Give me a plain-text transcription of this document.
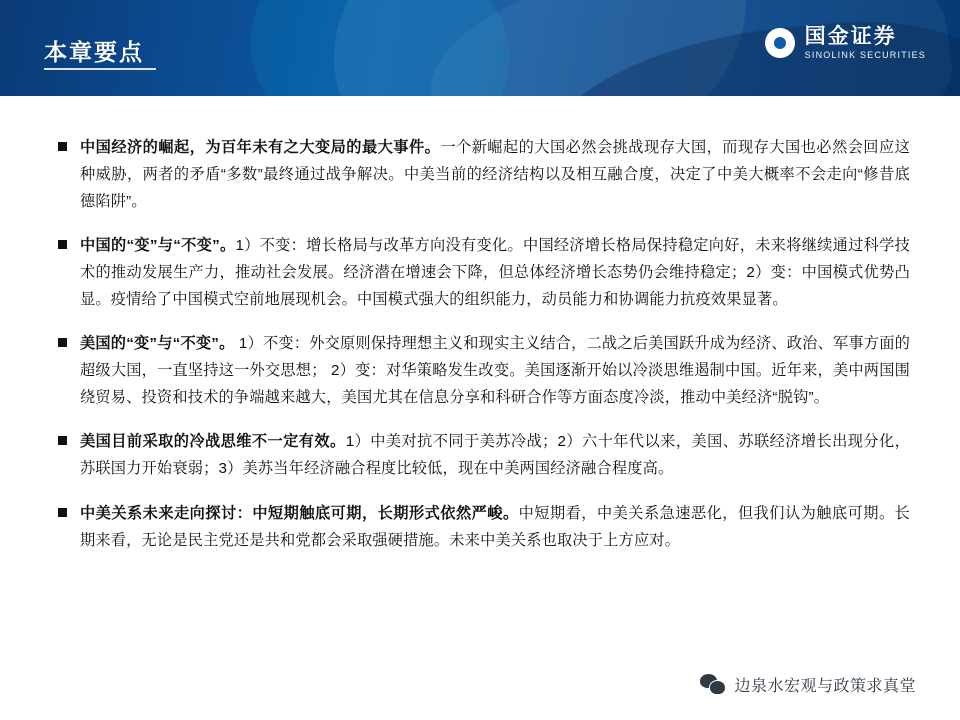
本章要点
国金证券
SINOLINK SECURITIES
中国经济的崛起，为百年未有之大变局的最大事件。一个新崛起的大国必然会挑战现存大国，而现存大国也必然会回应这种威胁，两者的矛盾“多数”最终通过战争解决。中美当前的经济结构以及相互融合度，决定了中美大概率不会走向“修昔底德陷阱”。
中国的“变”与“不变”。1）不变：增长格局与改革方向没有变化。中国经济增长格局保持稳定向好，未来将继续通过科学技术的推动发展生产力，推动社会发展。经济潜在增速会下降，但总体经济增长态势仍会维持稳定；2）变：中国模式优势凸显。疫情给了中国模式空前地展现机会。中国模式强大的组织能力，动员能力和协调能力抗疫效果显著。
美国的“变”与“不变”。 1）不变：外交原则保持理想主义和现实主义结合，二战之后美国跃升成为经济、政治、军事方面的超级大国，一直坚持这一外交思想； 2）变：对华策略发生改变。美国逐渐开始以冷淡思维遏制中国。近年来，美中两国围绕贸易、投资和技术的争端越来越大，美国尤其在信息分享和科研合作等方面态度冷淡，推动中美经济“脱钩”。
美国目前采取的冷战思维不一定有效。1）中美对抗不同于美苏冷战；2）六十年代以来，美国、苏联经济增长出现分化，苏联国力开始衰弱；3）美苏当年经济融合程度比较低，现在中美两国经济融合程度高。
中美关系未来走向探讨：中短期触底可期，长期形式依然严峻。中短期看，中美关系急速恶化，但我们认为触底可期。长期来看，无论是民主党还是共和党都会采取强硬措施。未来中美关系也取决于上方应对。
边泉水宏观与政策求真堂
